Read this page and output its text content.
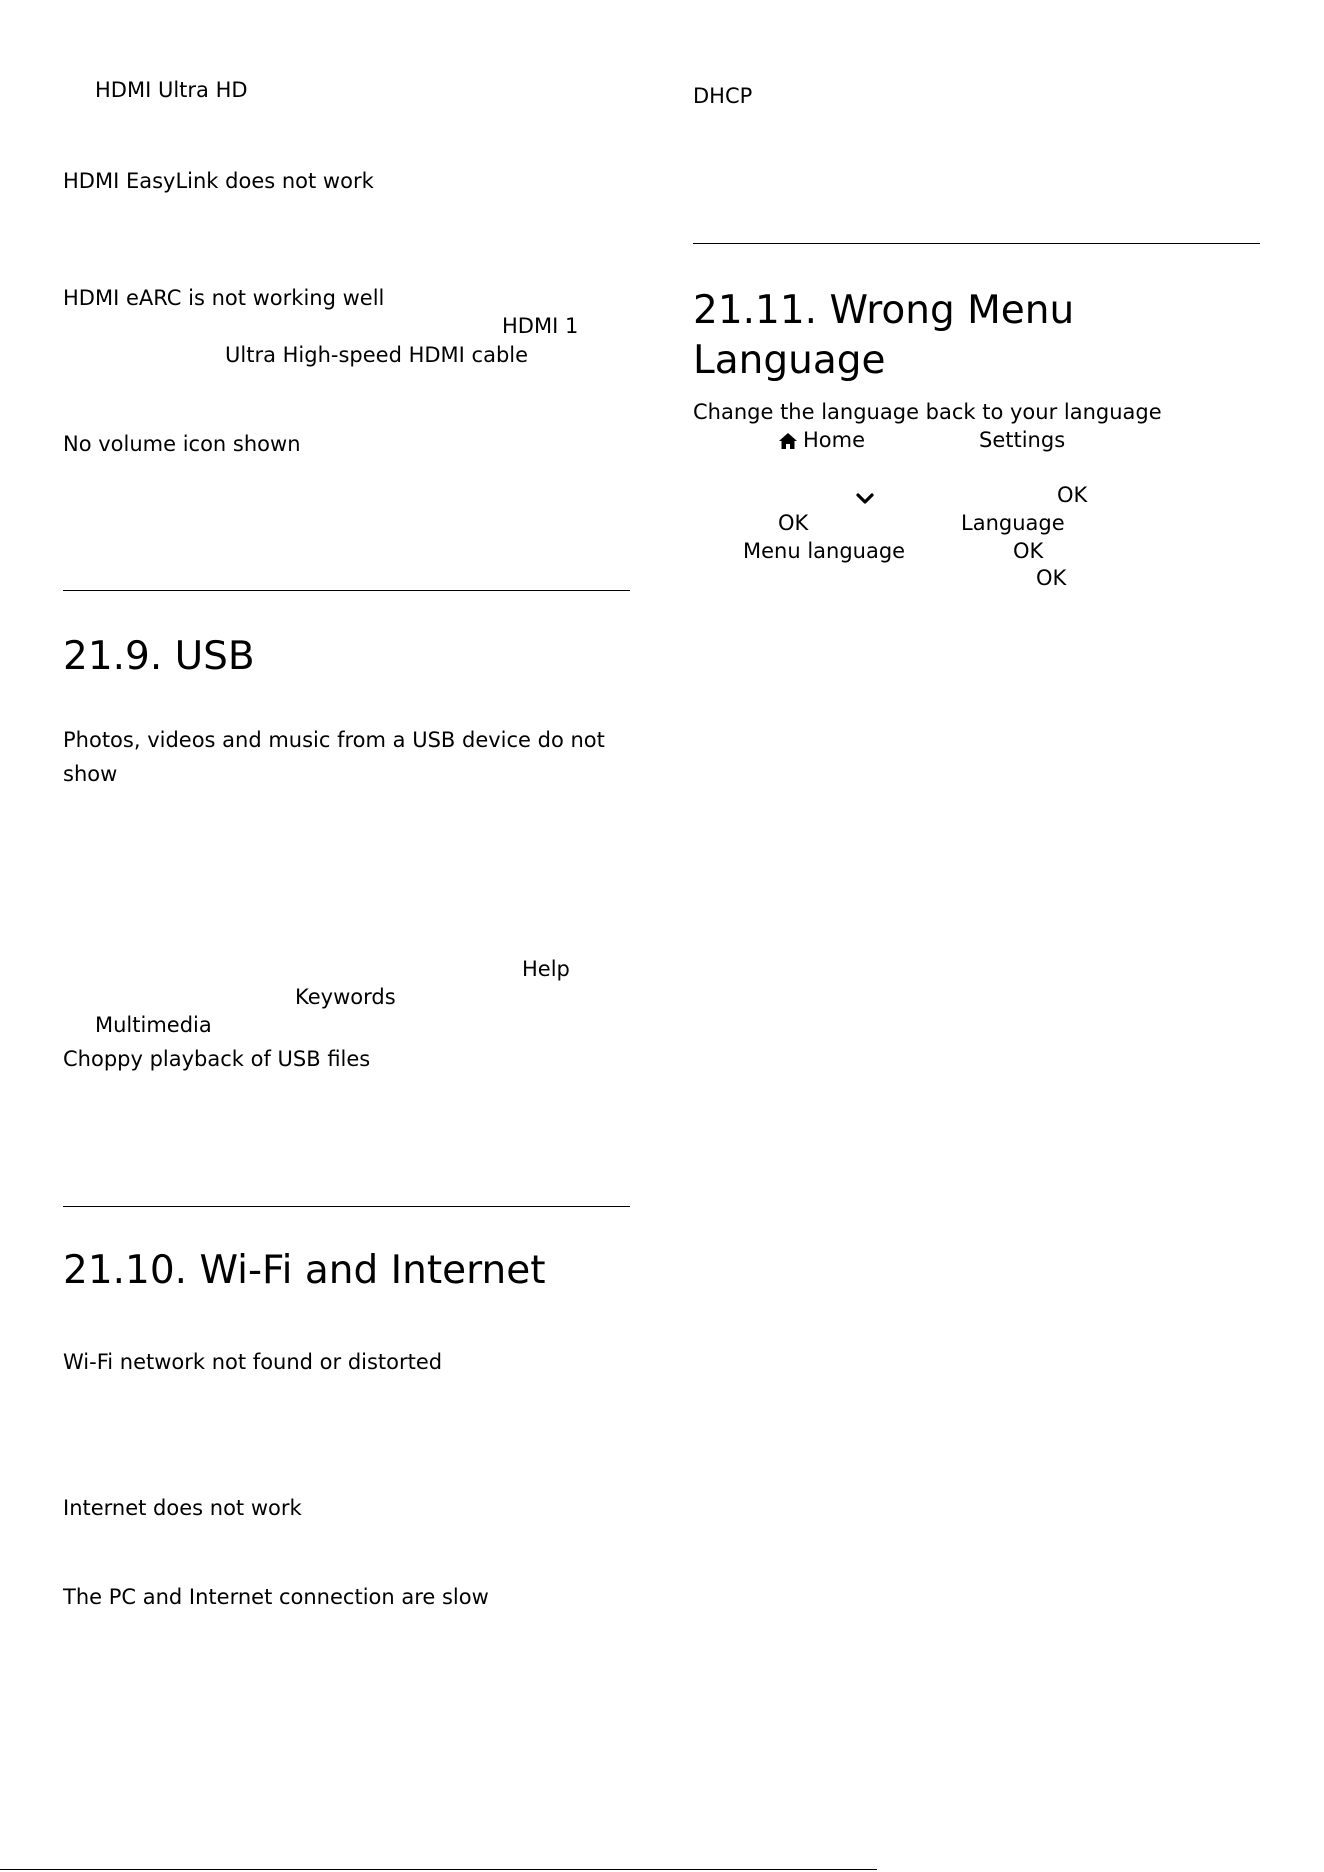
HDMI Ultra HD
HDMI EasyLink does not work
HDMI eARC is not working well
HDMI 1
Ultra High-speed HDMI cable
No volume icon shown
21.9. USB
Photos, videos and music from a USB device do not
show
Help
Keywords
Multimedia
Choppy playback of USB files
21.10. Wi-Fi and Internet
Wi-Fi network not found or distorted
Internet does not work
The PC and Internet connection are slow
DHCP
21.11. Wrong Menu
Language
Change the language back to your language
Home	Settings
OK
OK	Language
Menu language	OK
OK
